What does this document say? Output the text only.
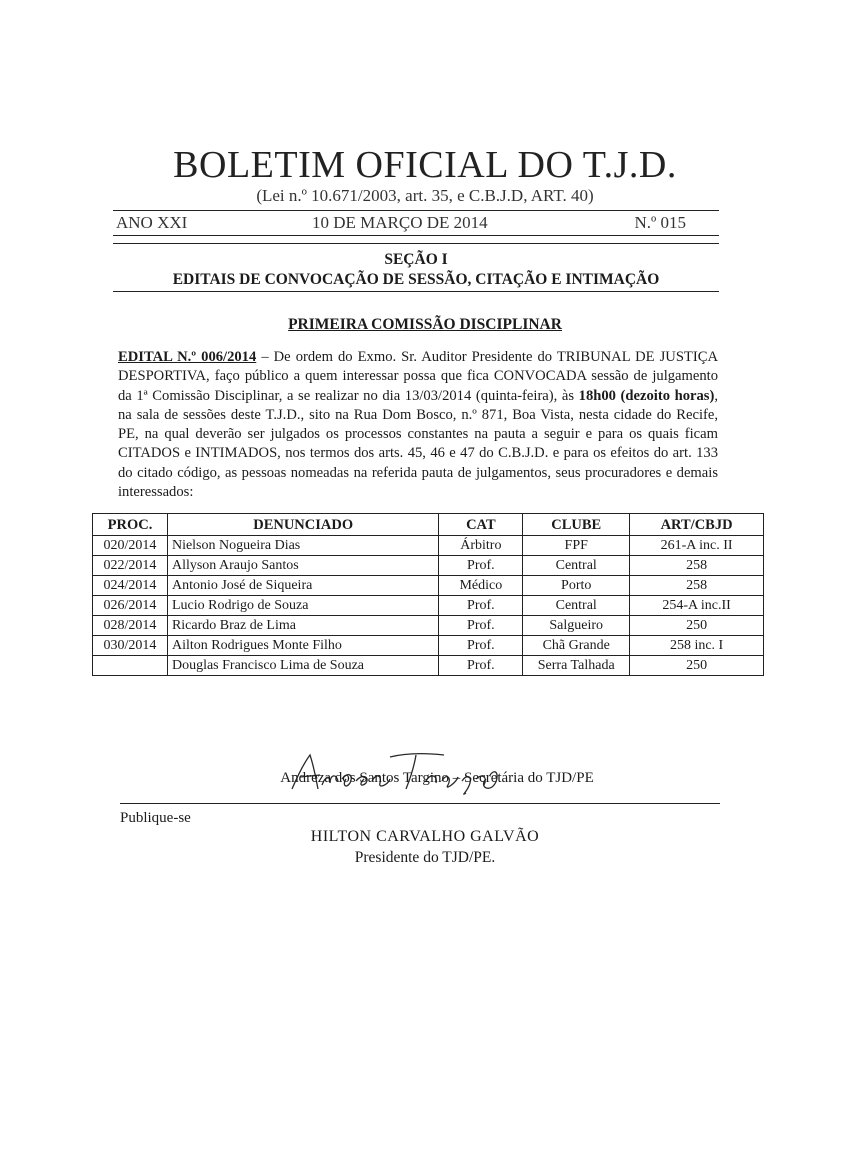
BOLETIM OFICIAL DO T.J.D.
(Lei n.º 10.671/2003, art. 35, e C.B.J.D, ART. 40)
ANO XXI	10 DE MARÇO DE 2014	N.º 015
SEÇÃO I
EDITAIS DE CONVOCAÇÃO DE SESSÃO, CITAÇÃO E INTIMAÇÃO
PRIMEIRA COMISSÃO DISCIPLINAR
EDITAL N.º 006/2014 – De ordem do Exmo. Sr. Auditor Presidente do TRIBUNAL DE JUSTIÇA DESPORTIVA, faço público a quem interessar possa que fica CONVOCADA sessão de julgamento da 1ª Comissão Disciplinar, a se realizar no dia 13/03/2014 (quinta-feira), às 18h00 (dezoito horas), na sala de sessões deste T.J.D., sito na Rua Dom Bosco, n.º 871, Boa Vista, nesta cidade do Recife, PE, na qual deverão ser julgados os processos constantes na pauta a seguir e para os quais ficam CITADOS e INTIMADOS, nos termos dos arts. 45, 46 e 47 do C.B.J.D. e para os efeitos do art. 133 do citado código, as pessoas nomeadas na referida pauta de julgamentos, seus procuradores e demais interessados:
PROC.	DENUNCIADO	CAT	CLUBE	ART/CBJD
020/2014	Nielson Nogueira Dias	Árbitro	FPF	261-A inc. II
022/2014	Allyson Araujo Santos	Prof.	Central	258
024/2014	Antonio José de Siqueira	Médico	Porto	258
026/2014	Lucio Rodrigo de Souza	Prof.	Central	254-A inc.II
028/2014	Ricardo Braz de Lima	Prof.	Salgueiro	250
030/2014	Ailton Rodrigues Monte Filho	Prof.	Chã Grande	258 inc. I
	Douglas Francisco Lima de Souza	Prof.	Serra Talhada	250
Andreza dos Santos Targino – Secretária do TJD/PE
Publique-se
HILTON CARVALHO GALVÃO
Presidente do TJD/PE.
